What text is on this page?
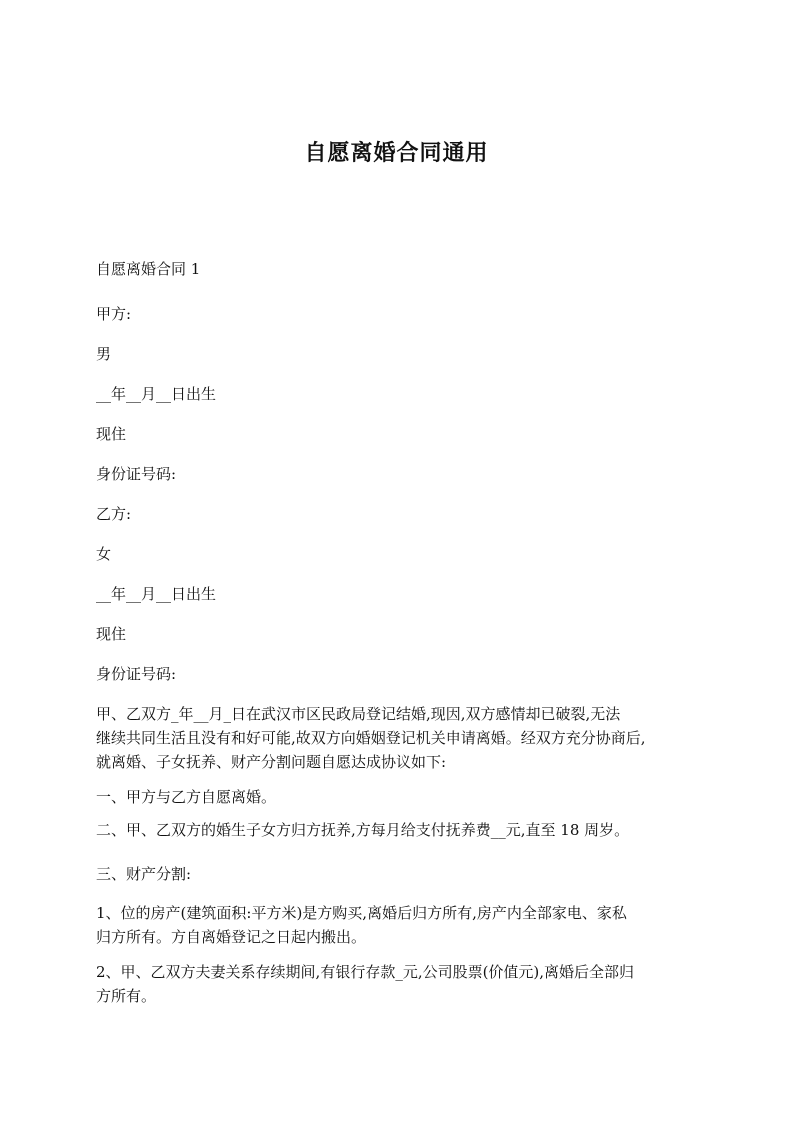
自愿离婚合同通用
自愿离婚合同 1
甲方:
男
__年__月__日出生
现住
身份证号码:
乙方:
女
__年__月__日出生
现住
身份证号码:
甲、乙双方_年__月_日在武汉市区民政局登记结婚,现因,双方感情却已破裂,无法
继续共同生活且没有和好可能,故双方向婚姻登记机关申请离婚。经双方充分协商后,
就离婚、子女抚养、财产分割问题自愿达成协议如下:
一、甲方与乙方自愿离婚。
二、甲、乙双方的婚生子女方归方抚养,方每月给支付抚养费__元,直至 18 周岁。
三、财产分割:
1、位的房产(建筑面积:平方米)是方购买,离婚后归方所有,房产内全部家电、家私
归方所有。方自离婚登记之日起内搬出。
2、甲、乙双方夫妻关系存续期间,有银行存款_元,公司股票(价值元),离婚后全部归
方所有。
